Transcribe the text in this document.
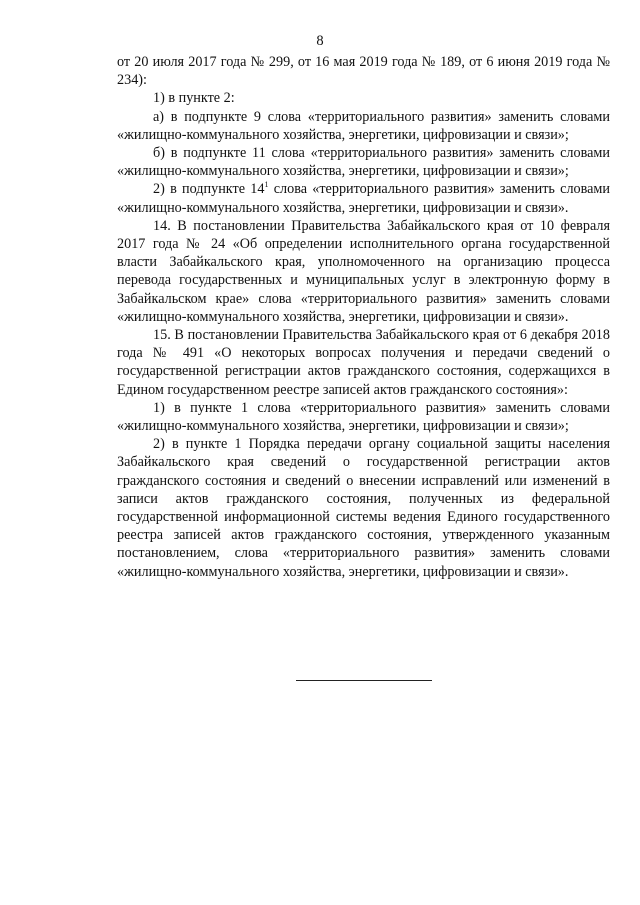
8

от 20 июля 2017 года № 299, от 16 мая 2019 года № 189, от 6 июня 2019 года № 234):

1) в пункте 2:

а) в подпункте 9 слова «территориального развития» заменить словами «жилищно-коммунального хозяйства, энергетики, цифровизации и связи»;

б) в подпункте 11 слова «территориального развития» заменить словами «жилищно-коммунального хозяйства, энергетики, цифровизации и связи»;

2) в подпункте $14^1$ слова «территориального развития» заменить словами «жилищно-коммунального хозяйства, энергетики, цифровизации и связи».

14. В постановлении Правительства Забайкальского края от 10 февраля 2017 года № 24 «Об определении исполнительного органа государственной власти Забайкальского края, уполномоченного на организацию процесса перевода государственных и муниципальных услуг в электронную форму в Забайкальском крае» слова «территориального развития» заменить словами «жилищно-коммунального хозяйства, энергетики, цифровизации и связи».

15. В постановлении Правительства Забайкальского края от 6 декабря 2018 года № 491 «О некоторых вопросах получения и передачи сведений о государственной регистрации актов гражданского состояния, содержащихся в Едином государственном реестре записей актов гражданского состояния»:

1) в пункте 1 слова «территориального развития» заменить словами «жилищно-коммунального хозяйства, энергетики, цифровизации и связи»;

2) в пункте 1 Порядка передачи органу социальной защиты населения Забайкальского края сведений о государственной регистрации актов гражданского состояния и сведений о внесении исправлений или изменений в записи актов гражданского состояния, полученных из федеральной государственной информационной системы ведения Единого государственного реестра записей актов гражданского состояния, утвержденного указанным постановлением, слова «территориального развития» заменить словами «жилищно-коммунального хозяйства, энергетики, цифровизации и связи».
